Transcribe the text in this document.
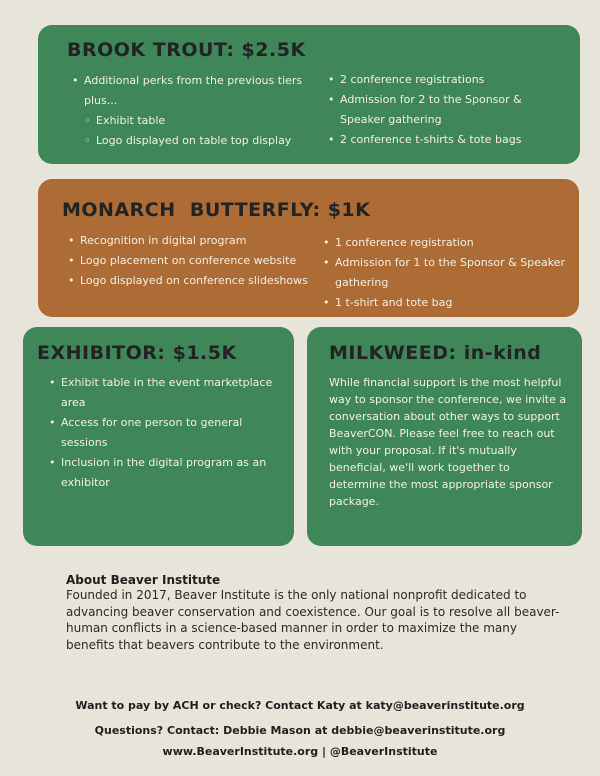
BROOK TROUT: $2.5K
• Additional perks from the previous tiers plus...
◦ Exhibit table
◦ Logo displayed on table top display
• 2 conference registrations
• Admission for 2 to the Sponsor & Speaker gathering
• 2 conference t-shirts & tote bags
MONARCH  BUTTERFLY: $1K
• Recognition in digital program
• Logo placement on conference website
• Logo displayed on conference slideshows
• 1 conference registration
• Admission for 1 to the Sponsor & Speaker gathering
• 1 t-shirt and tote bag
EXHIBITOR: $1.5K
• Exhibit table in the event marketplace area
• Access for one person to general sessions
• Inclusion in the digital program as an exhibitor
MILKWEED: in-kind

While financial support is the most helpful way to sponsor the conference, we invite a conversation about other ways to support BeaverCON. Please feel free to reach out with your proposal. If it's mutually beneficial, we'll work together to determine the most appropriate sponsor package.

About Beaver Institute

Founded in 2017, Beaver Institute is the only national nonprofit dedicated to advancing beaver conservation and coexistence. Our goal is to resolve all beaver-human conflicts in a science-based manner in order to maximize the many benefits that beavers contribute to the environment.

Want to pay by ACH or check? Contact Katy at katy@beaverinstitute.org
Questions? Contact: Debbie Mason at debbie@beaverinstitute.org
www.BeaverInstitute.org | @BeaverInstitute
